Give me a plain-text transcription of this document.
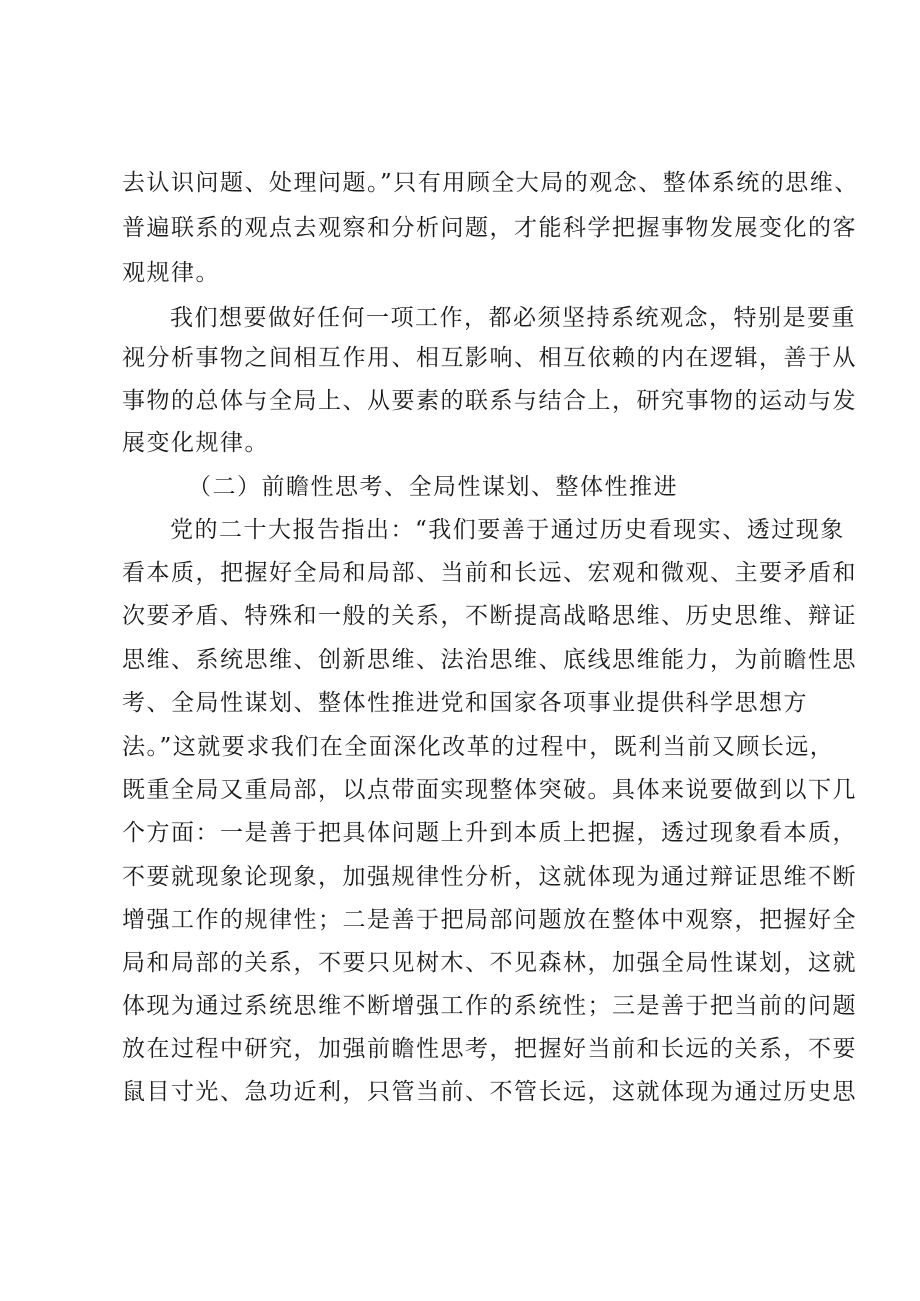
去认识问题、处理问题。”只有用顾全大局的观念、整体系统的思维、
普遍联系的观点去观察和分析问题，才能科学把握事物发展变化的客
观规律。
我们想要做好任何一项工作，都必须坚持系统观念，特别是要重
视分析事物之间相互作用、相互影响、相互依赖的内在逻辑，善于从
事物的总体与全局上、从要素的联系与结合上，研究事物的运动与发
展变化规律。
（二）前瞻性思考、全局性谋划、整体性推进
党的二十大报告指出：“我们要善于通过历史看现实、透过现象
看本质，把握好全局和局部、当前和长远、宏观和微观、主要矛盾和
次要矛盾、特殊和一般的关系，不断提高战略思维、历史思维、辩证
思维、系统思维、创新思维、法治思维、底线思维能力，为前瞻性思
考、全局性谋划、整体性推进党和国家各项事业提供科学思想方
法。”这就要求我们在全面深化改革的过程中，既利当前又顾长远，
既重全局又重局部，以点带面实现整体突破。具体来说要做到以下几
个方面：一是善于把具体问题上升到本质上把握，透过现象看本质，
不要就现象论现象，加强规律性分析，这就体现为通过辩证思维不断
增强工作的规律性；二是善于把局部问题放在整体中观察，把握好全
局和局部的关系，不要只见树木、不见森林，加强全局性谋划，这就
体现为通过系统思维不断增强工作的系统性；三是善于把当前的问题
放在过程中研究，加强前瞻性思考，把握好当前和长远的关系，不要
鼠目寸光、急功近利，只管当前、不管长远，这就体现为通过历史思
